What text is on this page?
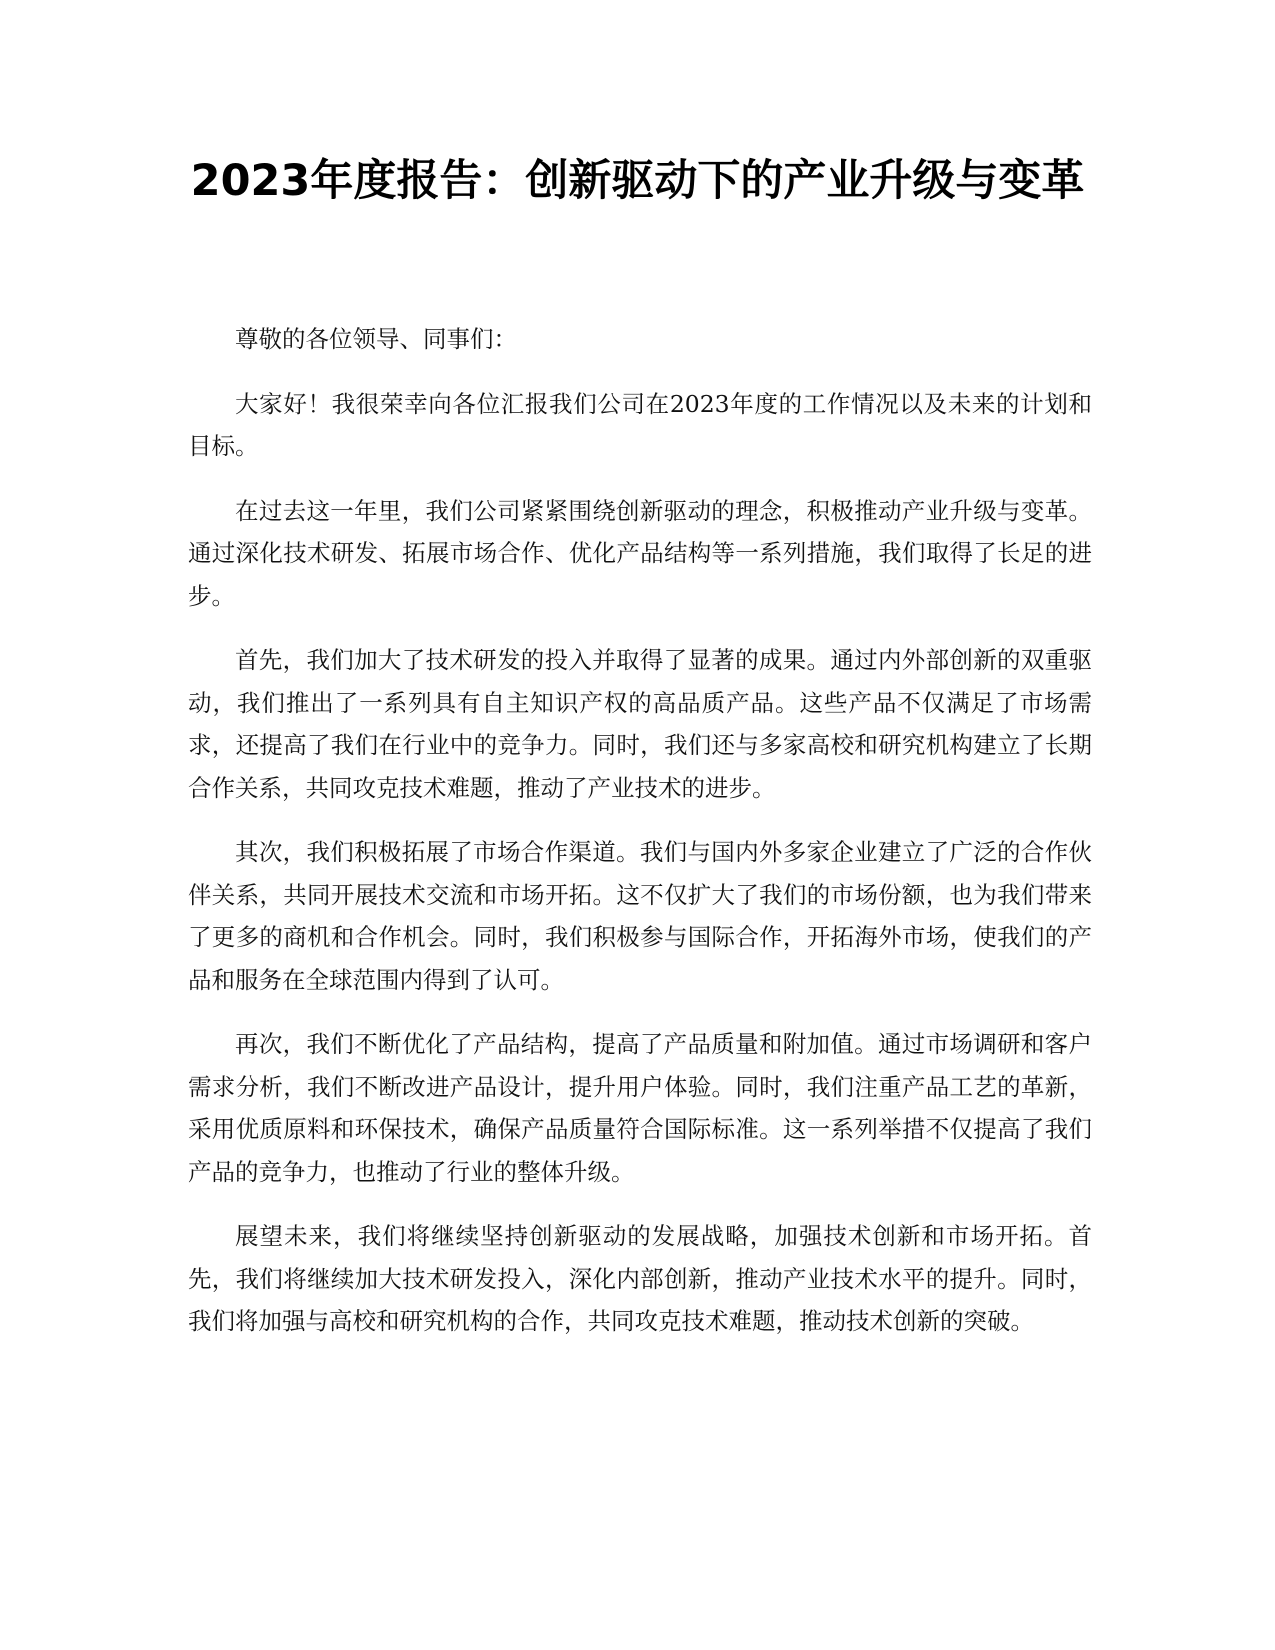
2023年度报告：创新驱动下的产业升级与变革

尊敬的各位领导、同事们：

大家好！我很荣幸向各位汇报我们公司在2023年度的工作情况以及未来的计划和目标。

在过去这一年里，我们公司紧紧围绕创新驱动的理念，积极推动产业升级与变革。通过深化技术研发、拓展市场合作、优化产品结构等一系列措施，我们取得了长足的进步。

首先，我们加大了技术研发的投入并取得了显著的成果。通过内外部创新的双重驱动，我们推出了一系列具有自主知识产权的高品质产品。这些产品不仅满足了市场需求，还提高了我们在行业中的竞争力。同时，我们还与多家高校和研究机构建立了长期合作关系，共同攻克技术难题，推动了产业技术的进步。

其次，我们积极拓展了市场合作渠道。我们与国内外多家企业建立了广泛的合作伙伴关系，共同开展技术交流和市场开拓。这不仅扩大了我们的市场份额，也为我们带来了更多的商机和合作机会。同时，我们积极参与国际合作，开拓海外市场，使我们的产品和服务在全球范围内得到了认可。

再次，我们不断优化了产品结构，提高了产品质量和附加值。通过市场调研和客户需求分析，我们不断改进产品设计，提升用户体验。同时，我们注重产品工艺的革新，采用优质原料和环保技术，确保产品质量符合国际标准。这一系列举措不仅提高了我们产品的竞争力，也推动了行业的整体升级。

展望未来，我们将继续坚持创新驱动的发展战略，加强技术创新和市场开拓。首先，我们将继续加大技术研发投入，深化内部创新，推动产业技术水平的提升。同时，我们将加强与高校和研究机构的合作，共同攻克技术难题，推动技术创新的突破。
